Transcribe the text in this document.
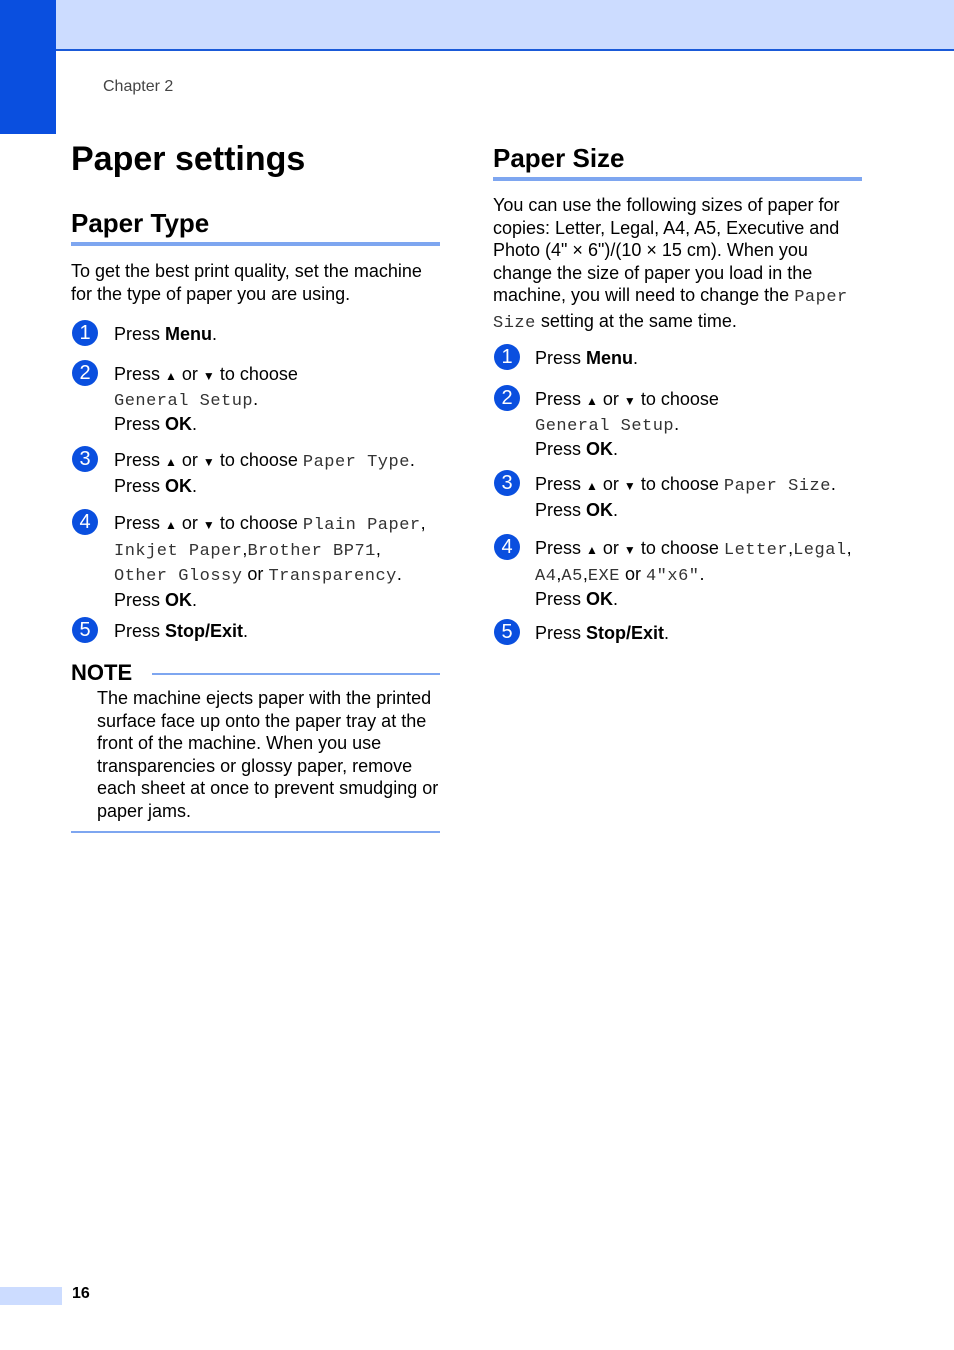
Chapter 2
Paper settings
Paper Type
To get the best print quality, set the machine for the type of paper you are using.
1	Press Menu.
2	Press ▲ or ▼ to choose
General Setup.
Press OK.
3	Press ▲ or ▼ to choose Paper Type.
Press OK.
4	Press ▲ or ▼ to choose Plain Paper,
Inkjet Paper,Brother BP71,
Other Glossy or Transparency.
Press OK.
5	Press Stop/Exit.
NOTE
The machine ejects paper with the printed surface face up onto the paper tray at the front of the machine. When you use transparencies or glossy paper, remove each sheet at once to prevent smudging or paper jams.
Paper Size
You can use the following sizes of paper for copies: Letter, Legal, A4, A5, Executive and Photo (4" × 6")/(10 × 15 cm). When you change the size of paper you load in the machine, you will need to change the Paper Size setting at the same time.
1	Press Menu.
2	Press ▲ or ▼ to choose
General Setup.
Press OK.
3	Press ▲ or ▼ to choose Paper Size.
Press OK.
4	Press ▲ or ▼ to choose Letter,Legal,
A4,A5,EXE or 4"x6".
Press OK.
5	Press Stop/Exit.
16
